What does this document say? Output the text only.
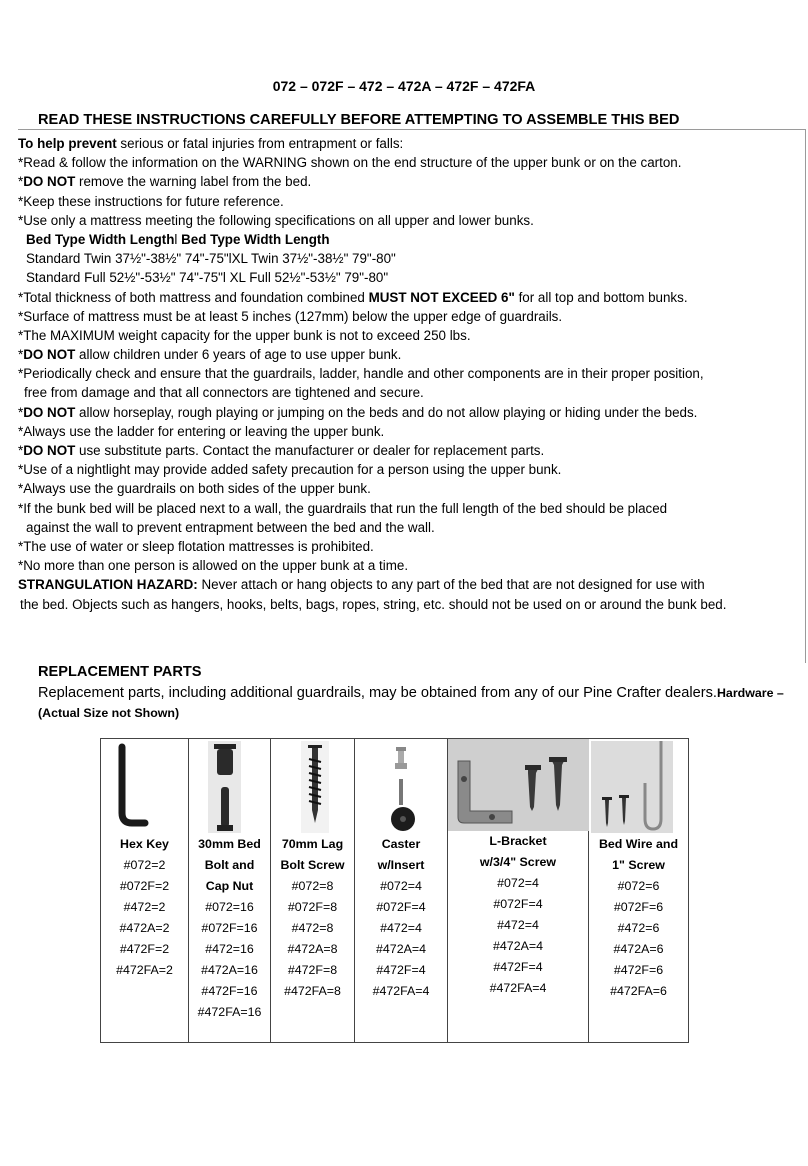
072 – 072F – 472 – 472A – 472F – 472FA
READ THESE INSTRUCTIONS CAREFULLY BEFORE ATTEMPTING TO ASSEMBLE THIS BED
To help prevent serious or fatal injuries from entrapment or falls:
*Read & follow the information on the WARNING shown on the end structure of the upper bunk or on the carton.
*DO NOT remove the warning label from the bed.
*Keep these instructions for future reference.
*Use only a mattress meeting the following specifications on all upper and lower bunks.
Bed Type Width Lengthl Bed Type Width Length
Standard Twin 37½"-38½" 74"-75"lXL Twin 37½"-38½" 79"-80"
Standard Full 52½"-53½" 74"-75"l XL Full 52½"-53½" 79"-80"
*Total thickness of both mattress and foundation combined MUST NOT EXCEED 6" for all top and bottom bunks.
*Surface of mattress must be at least 5 inches (127mm) below the upper edge of guardrails.
*The MAXIMUM weight capacity for the upper bunk is not to exceed 250 lbs.
*DO NOT allow children under 6 years of age to use upper bunk.
*Periodically check and ensure that the guardrails, ladder, handle and other components are in their proper position,
free from damage and that all connectors are tightened and secure.
*DO NOT allow horseplay, rough playing or jumping on the beds and do not allow playing or hiding under the beds.
*Always use the ladder for entering or leaving the upper bunk.
*DO NOT use substitute parts. Contact the manufacturer or dealer for replacement parts.
*Use of a nightlight may provide added safety precaution for a person using the upper bunk.
*Always use the guardrails on both sides of the upper bunk.
*If the bunk bed will be placed next to a wall, the guardrails that run the full length of the bed should be placed
against the wall to prevent entrapment between the bed and the wall.
*The use of water or sleep flotation mattresses is prohibited.
*No more than one person is allowed on the upper bunk at a time.
STRANGULATION HAZARD: Never attach or hang objects to any part of the bed that are not designed for use with
the bed. Objects such as hangers, hooks, belts, bags, ropes, string, etc. should not be used on or around the bunk bed.
REPLACEMENT PARTS
Replacement parts, including additional guardrails, may be obtained from any of our Pine Crafter dealers.Hardware –
(Actual Size not Shown)
Hex Key
#072=2
#072F=2
#472=2
#472A=2
#472F=2
#472FA=2

30mm Bed
Bolt and
Cap Nut
#072=16
#072F=16
#472=16
#472A=16
#472F=16
#472FA=16

70mm Lag
Bolt Screw
#072=8
#072F=8
#472=8
#472A=8
#472F=8
#472FA=8

Caster
w/Insert
#072=4
#072F=4
#472=4
#472A=4
#472F=4
#472FA=4

L-Bracket
w/3/4" Screw
#072=4
#072F=4
#472=4
#472A=4
#472F=4
#472FA=4

Bed Wire and
1" Screw
#072=6
#072F=6
#472=6
#472A=6
#472F=6
#472FA=6
